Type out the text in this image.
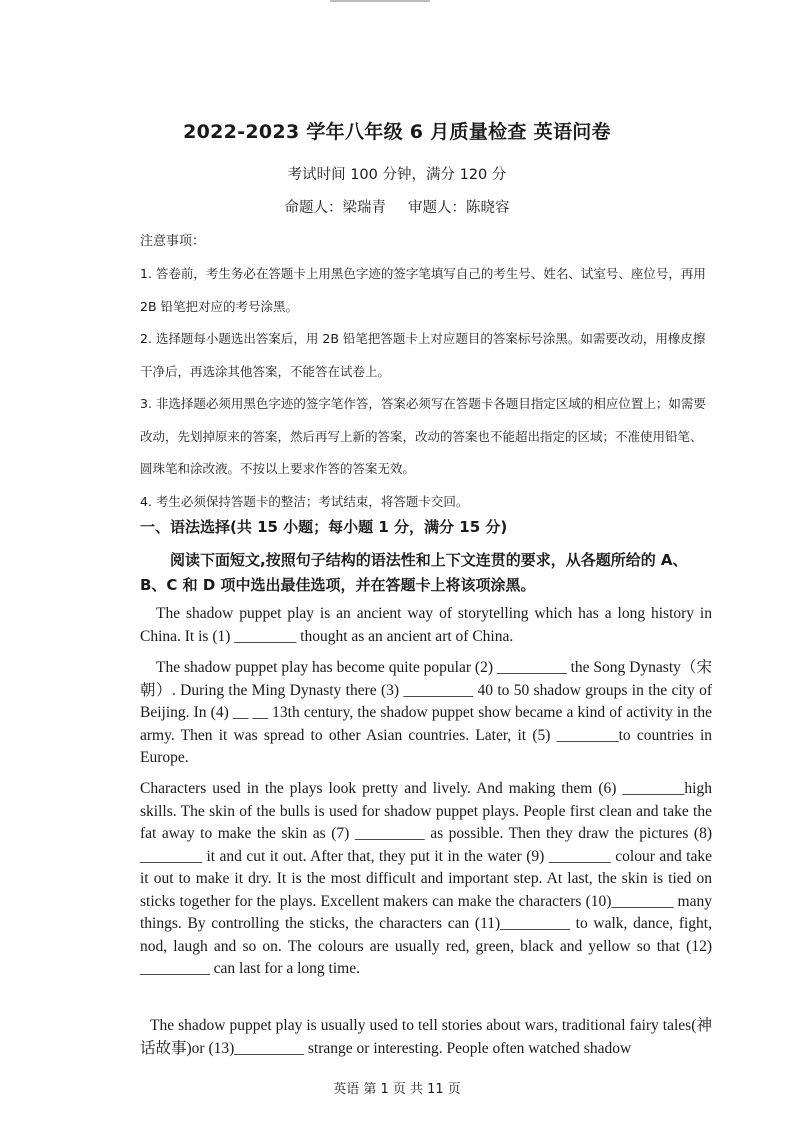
2022-2023 学年八年级 6 月质量检查 英语问卷
考试时间 100 分钟，满分 120 分
命题人：梁瑞青 审题人：陈晓容
注意事项：

1. 答卷前，考生务必在答题卡上用黑色字迹的签字笔填写自己的考生号、姓名、试室号、座位号，再用 2B 铅笔把对应的考号涂黑。

2. 选择题每小题选出答案后，用 2B 铅笔把答题卡上对应题目的答案标号涂黑。如需要改动，用橡皮擦干净后，再选涂其他答案，不能答在试卷上。

3. 非选择题必须用黑色字迹的签字笔作答，答案必须写在答题卡各题目指定区域的相应位置上；如需要改动，先划掉原来的答案，然后再写上新的答案，改动的答案也不能超出指定的区域；不准使用铅笔、圆珠笔和涂改液。不按以上要求作答的答案无效。

4. 考生必须保持答题卡的整洁；考试结束，将答题卡交回。

一、语法选择(共 15 小题；每小题 1 分，满分 15 分)
阅读下面短文,按照句子结构的语法性和上下文连贯的要求，从各题所给的 A、B、C 和 D 项中选出最佳选项，并在答题卡上将该项涂黑。
The shadow puppet play is an ancient way of storytelling which has a long history in China. It is (1) ________ thought as an ancient art of China.
The shadow puppet play has become quite popular (2) _________ the Song Dynasty（宋朝）. During the Ming Dynasty there (3) _________ 40 to 50 shadow groups in the city of Beijing. In (4) __ __ 13th century, the shadow puppet show became a kind of activity in the army. Then it was spread to other Asian countries. Later, it (5) ________to countries in Europe.
Characters used in the plays look pretty and lively. And making them (6) ________high skills. The skin of the bulls is used for shadow puppet plays. People first clean and take the fat away to make the skin as (7) _________ as possible. Then they draw the pictures (8) ________ it and cut it out. After that, they put it in the water (9) ________ colour and take it out to make it dry. It is the most difficult and important step. At last, the skin is tied on sticks together for the plays. Excellent makers can make the characters (10)________ many things. By controlling the sticks, the characters can (11)_________ to walk, dance, fight, nod, laugh and so on. The colours are usually red, green, black and yellow so that (12) _________ can last for a long time.
The shadow puppet play is usually used to tell stories about wars, traditional fairy tales(神话故事)or (13)_________ strange or interesting. People often watched shadow
英语 第 1 页 共 11 页
